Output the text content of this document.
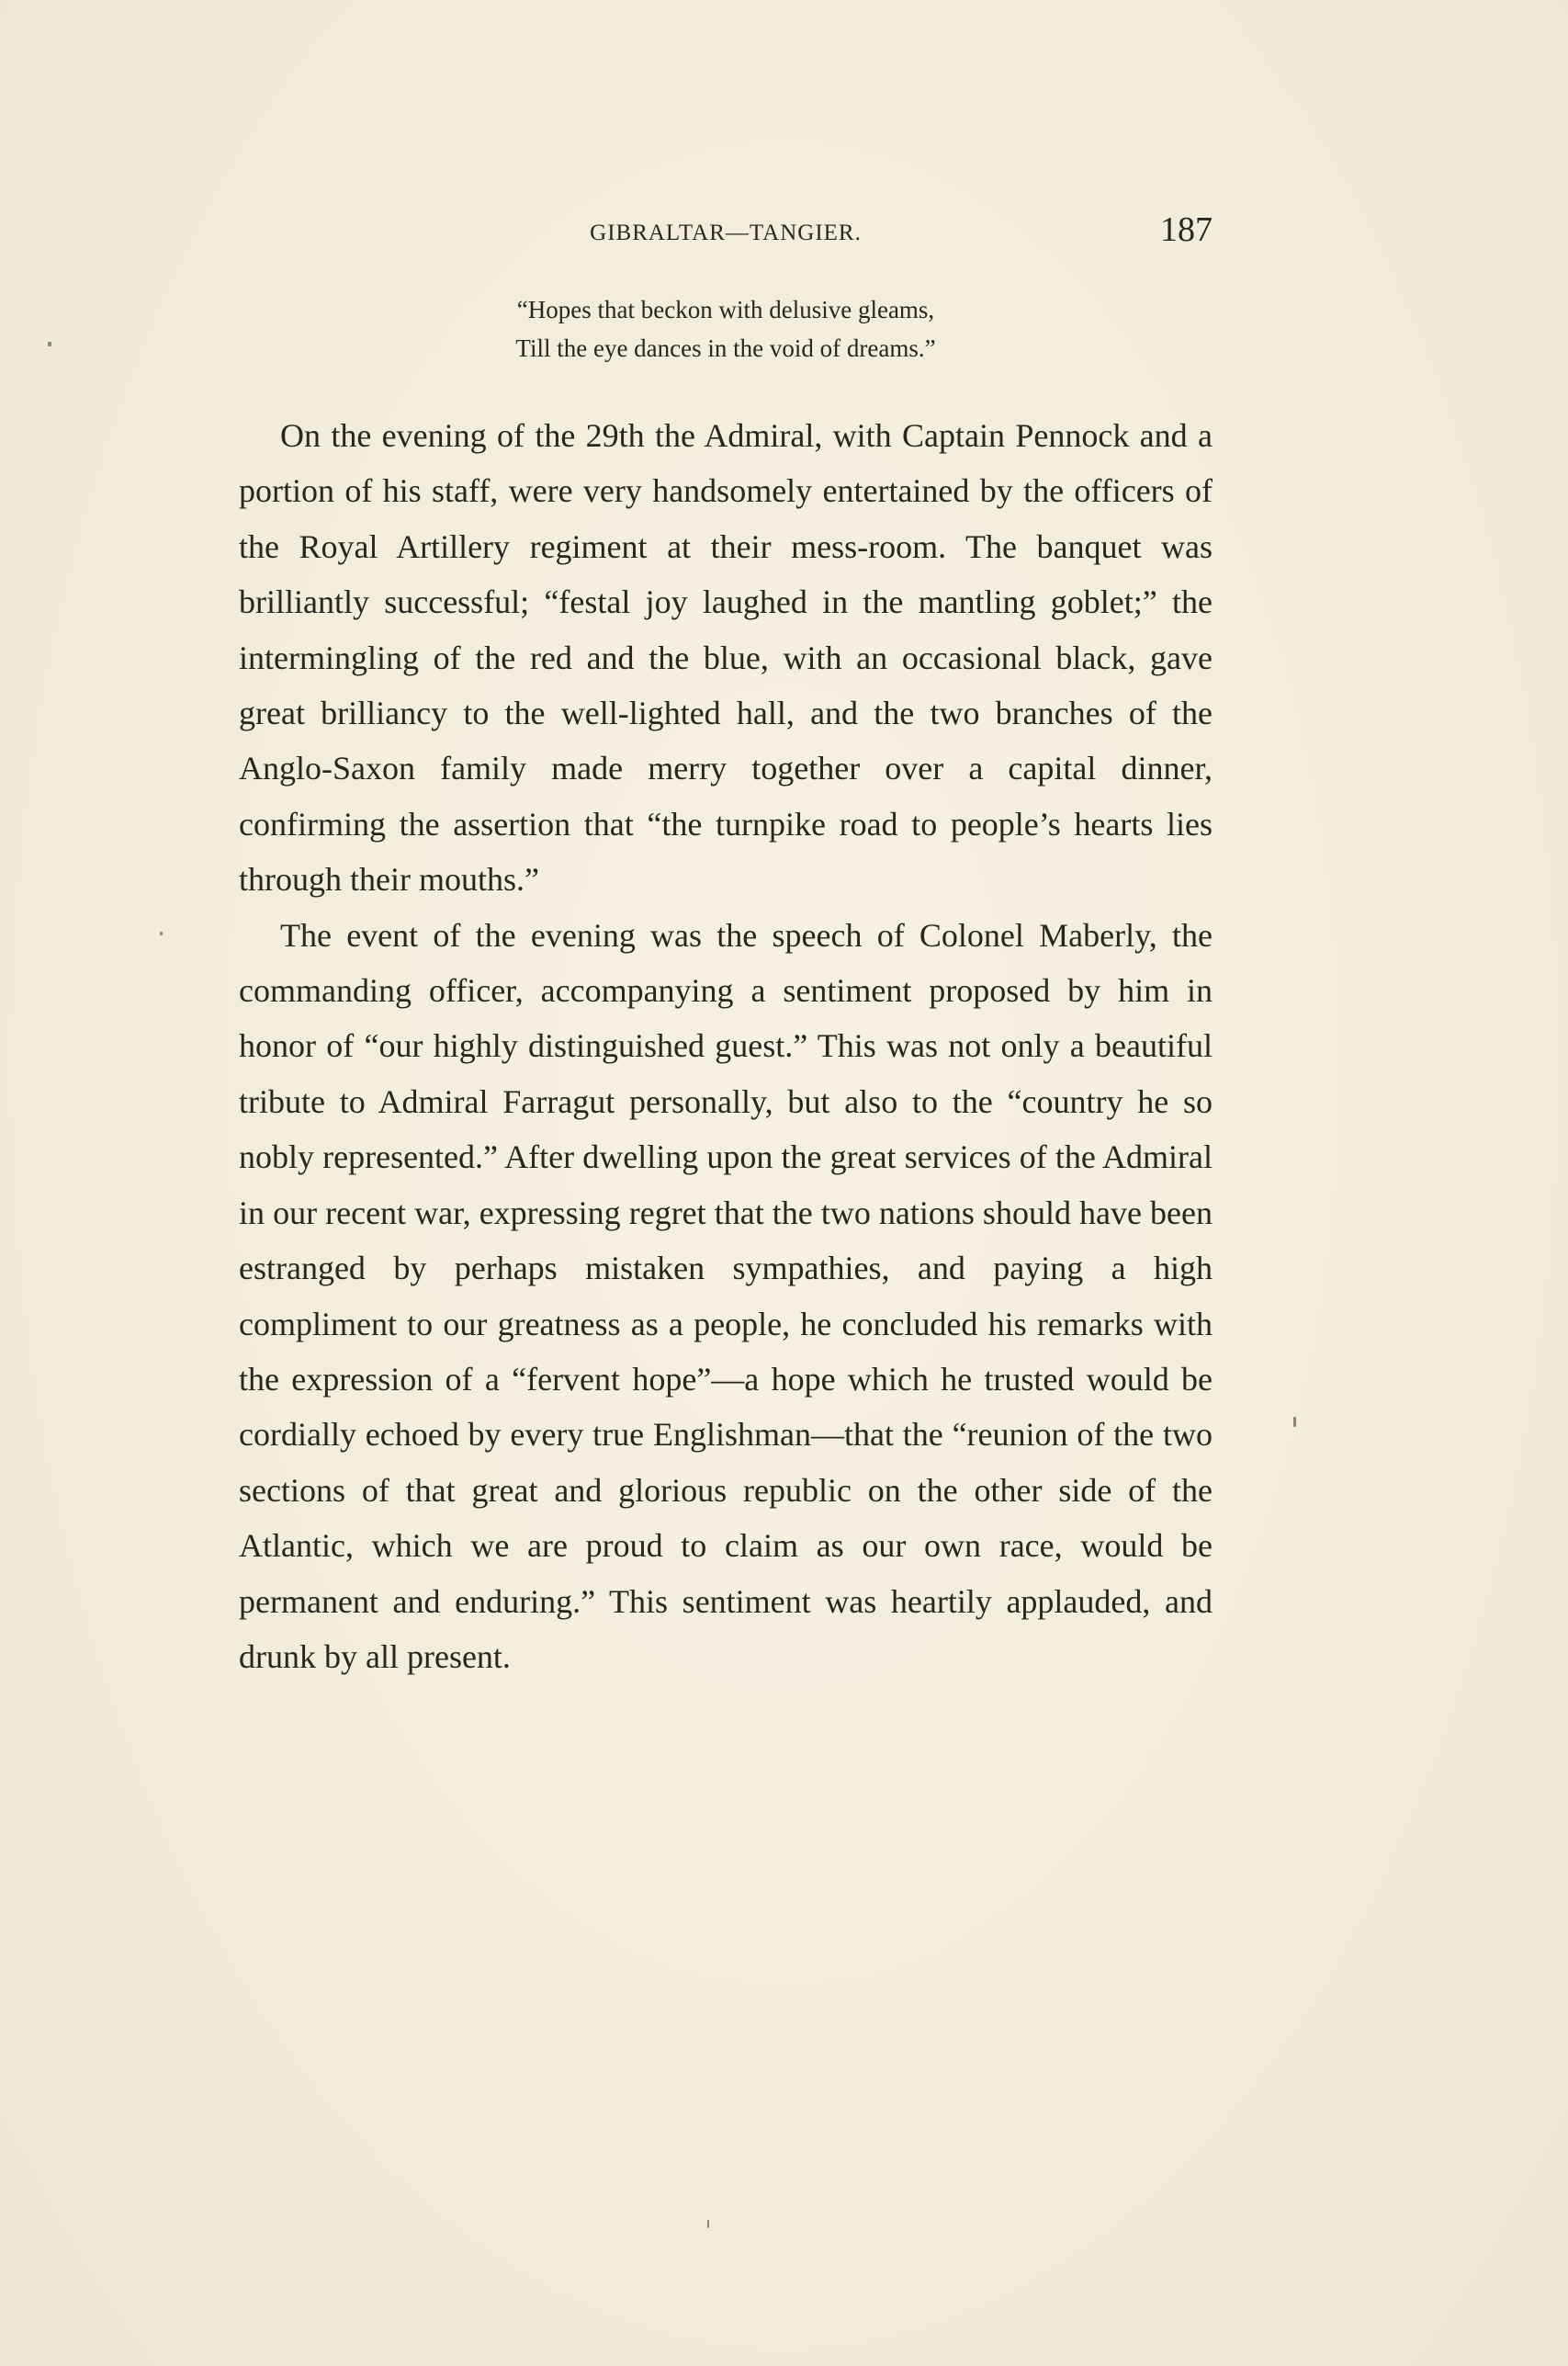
GIBRALTAR—TANGIER.	187
“Hopes that beckon with delusive gleams,
Till the eye dances in the void of dreams.”

On the evening of the 29th the Admiral, with Captain Pennock and a portion of his staff, were very handsomely entertained by the officers of the Royal Artillery regiment at their mess-room. The banquet was brilliantly successful; “festal joy laughed in the mantling goblet;” the intermingling of the red and the blue, with an occasional black, gave great brilliancy to the well-lighted hall, and the two branches of the Anglo-Saxon family made merry together over a capital dinner, confirming the assertion that “the turnpike road to people’s hearts lies through their mouths.”

The event of the evening was the speech of Colonel Maberly, the commanding officer, accompanying a sentiment proposed by him in honor of “our highly distinguished guest.” This was not only a beautiful tribute to Admiral Farragut personally, but also to the “country he so nobly represented.” After dwelling upon the great services of the Admiral in our recent war, expressing regret that the two nations should have been estranged by perhaps mistaken sympathies, and paying a high compliment to our greatness as a people, he concluded his remarks with the expression of a “fervent hope”—a hope which he trusted would be cordially echoed by every true Englishman—that the “reunion of the two sections of that great and glorious republic on the other side of the Atlantic, which we are proud to claim as our own race, would be permanent and enduring.” This sentiment was heartily applauded, and drunk by all present.
